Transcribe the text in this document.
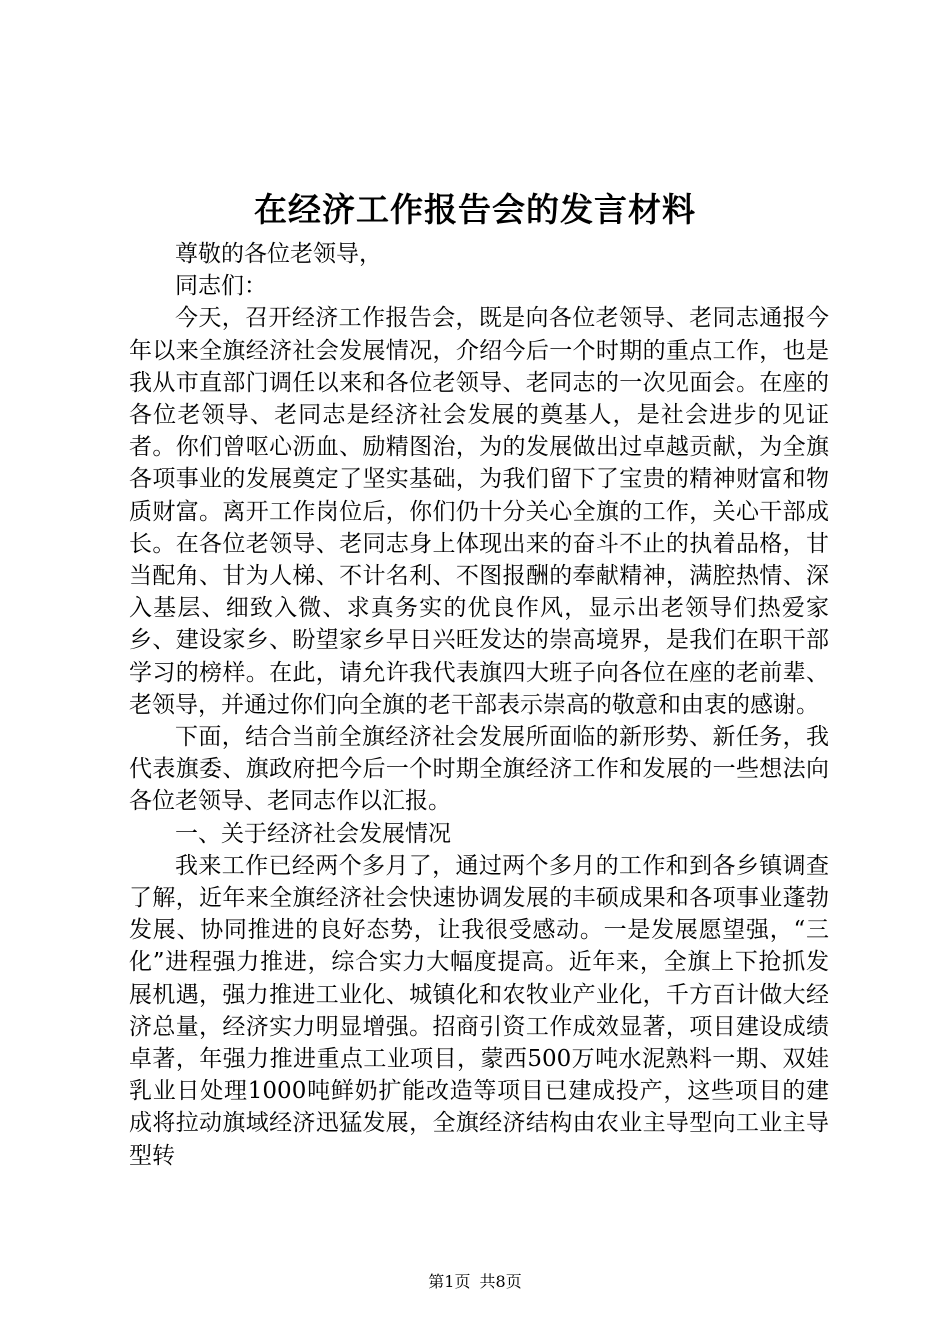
在经济工作报告会的发言材料

尊敬的各位老领导，

同志们：

今天，召开经济工作报告会，既是向各位老领导、老同志通报今年以来全旗经济社会发展情况，介绍今后一个时期的重点工作，也是我从市直部门调任以来和各位老领导、老同志的一次见面会。在座的各位老领导、老同志是经济社会发展的奠基人，是社会进步的见证者。你们曾呕心沥血、励精图治，为的发展做出过卓越贡献，为全旗各项事业的发展奠定了坚实基础，为我们留下了宝贵的精神财富和物质财富。离开工作岗位后，你们仍十分关心全旗的工作，关心干部成长。在各位老领导、老同志身上体现出来的奋斗不止的执着品格，甘当配角、甘为人梯、不计名利、不图报酬的奉献精神，满腔热情、深入基层、细致入微、求真务实的优良作风，显示出老领导们热爱家乡、建设家乡、盼望家乡早日兴旺发达的崇高境界，是我们在职干部学习的榜样。在此，请允许我代表旗四大班子向各位在座的老前辈、老领导，并通过你们向全旗的老干部表示崇高的敬意和由衷的感谢。

下面，结合当前全旗经济社会发展所面临的新形势、新任务，我代表旗委、旗政府把今后一个时期全旗经济工作和发展的一些想法向各位老领导、老同志作以汇报。

一、关于经济社会发展情况

我来工作已经两个多月了，通过两个多月的工作和到各乡镇调查了解，近年来全旗经济社会快速协调发展的丰硕成果和各项事业蓬勃发展、协同推进的良好态势，让我很受感动。一是发展愿望强，“三化”进程强力推进，综合实力大幅度提高。近年来，全旗上下抢抓发展机遇，强力推进工业化、城镇化和农牧业产业化，千方百计做大经济总量，经济实力明显增强。招商引资工作成效显著，项目建设成绩卓著，年强力推进重点工业项目，蒙西500万吨水泥熟料一期、双娃乳业日处理1000吨鲜奶扩能改造等项目已建成投产，这些项目的建成将拉动旗域经济迅猛发展，全旗经济结构由农业主导型向工业主导型转

第1页 共8页
